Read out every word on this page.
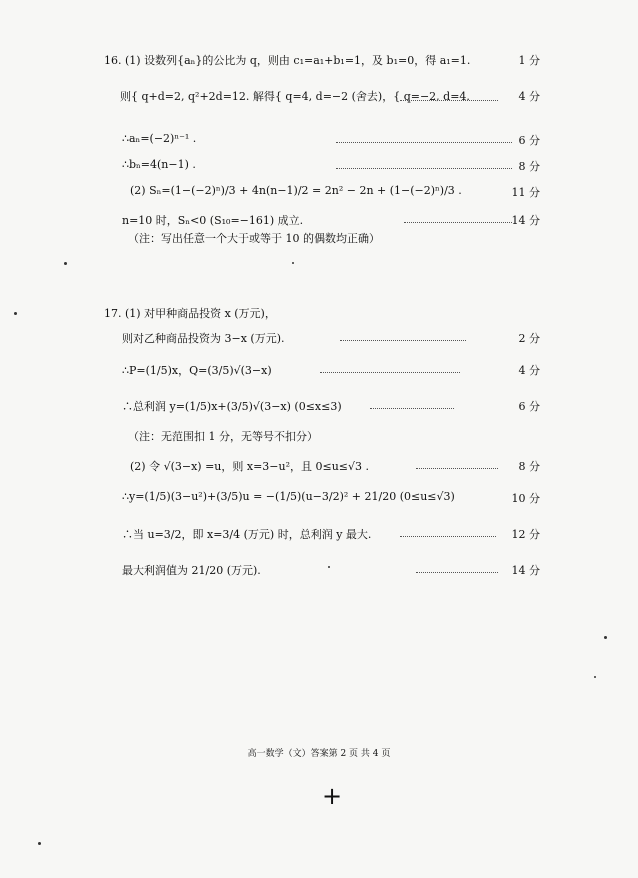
16. (1) 设数列{aₙ}的公比为 q，则由 c₁=a₁+b₁=1，及 b₁=0，得 a₁=1.	1 分
则{ q+d=2, q²+2d=12. 解得{ q=4, d=−2 (舍去)，{ q=−2, d=4.	4 分
∴aₙ=(−2)ⁿ⁻¹ .	6 分
∴bₙ=4(n−1) .	8 分
(2) Sₙ=(1−(−2)ⁿ)/3 + 4n(n−1)/2 = 2n² − 2n + (1−(−2)ⁿ)/3 .	11 分
n=10 时，Sₙ<0 (S₁₀=−161) 成立.	14 分
（注：写出任意一个大于或等于 10 的偶数均正确）
17. (1) 对甲种商品投资 x (万元)，
则对乙种商品投资为 3−x (万元).	2 分
∴P=(1/5)x，Q=(3/5)√(3−x)	4 分
∴总利润 y=(1/5)x+(3/5)√(3−x) (0≤x≤3)	6 分
（注：无范围扣 1 分，无等号不扣分）
(2) 令 √(3−x) =u，则 x=3−u²，且 0≤u≤√3 .	8 分
∴y=(1/5)(3−u²)+(3/5)u = −(1/5)(u−3/2)² + 21/20 (0≤u≤√3)	10 分
∴当 u=3/2，即 x=3/4 (万元) 时，总利润 y 最大.	12 分
最大利润值为 21/20 (万元).	14 分
高一数学（文）答案第 2 页 共 4 页
+
